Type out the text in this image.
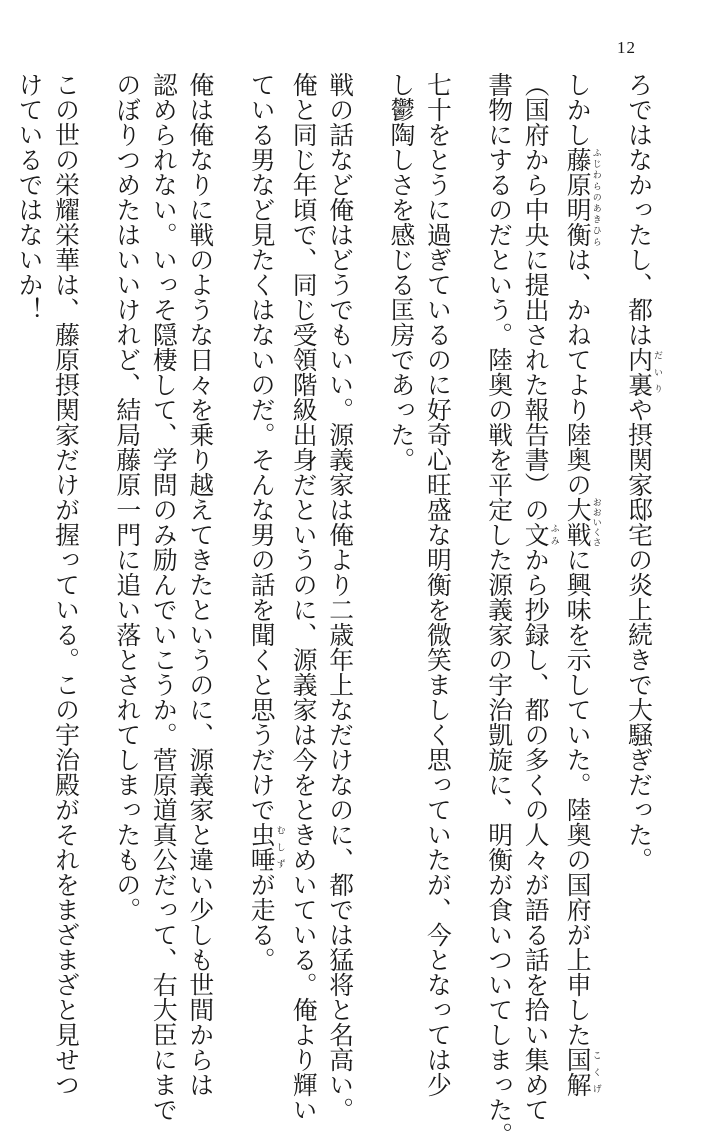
12
ろではなかったし、都は内裏だいりや摂関家邸宅の炎上続きで大騒ぎだった。
しかし藤原明衡ふじわらのあきひらは、かねてより陸奥の大戦おおいくさに興味を示していた。陸奥の国府が上申した国解こくげ
（国府から中央に提出された報告書）の文ふみから抄録し、都の多くの人々が語る話を拾い集めて
書物にするのだという。陸奥の戦を平定した源義家の宇治凱旋に、明衡が食いついてしまった。
七十をとうに過ぎているのに好奇心旺盛な明衡を微笑ましく思っていたが、今となっては少
し鬱陶しさを感じる匡房であった。
戦の話など俺はどうでもいい。源義家は俺より二歳年上なだけなのに、都では猛将と名高い。
俺と同じ年頃で、同じ受領階級出身だというのに、源義家は今をときめいている。俺より輝い
ている男など見たくはないのだ。そんな男の話を聞くと思うだけで虫唾むしずが走る。
俺は俺なりに戦のような日々を乗り越えてきたというのに、源義家と違い少しも世間からは
認められない。いっそ隠棲して、学問のみ励んでいこうか。菅原道真公だって、右大臣にまで
のぼりつめたはいいけれど、結局藤原一門に追い落とされてしまったもの。
この世の栄耀栄華は、藤原摂関家だけが握っている。この宇治殿がそれをまざまざと見せつ
けているではないか！
